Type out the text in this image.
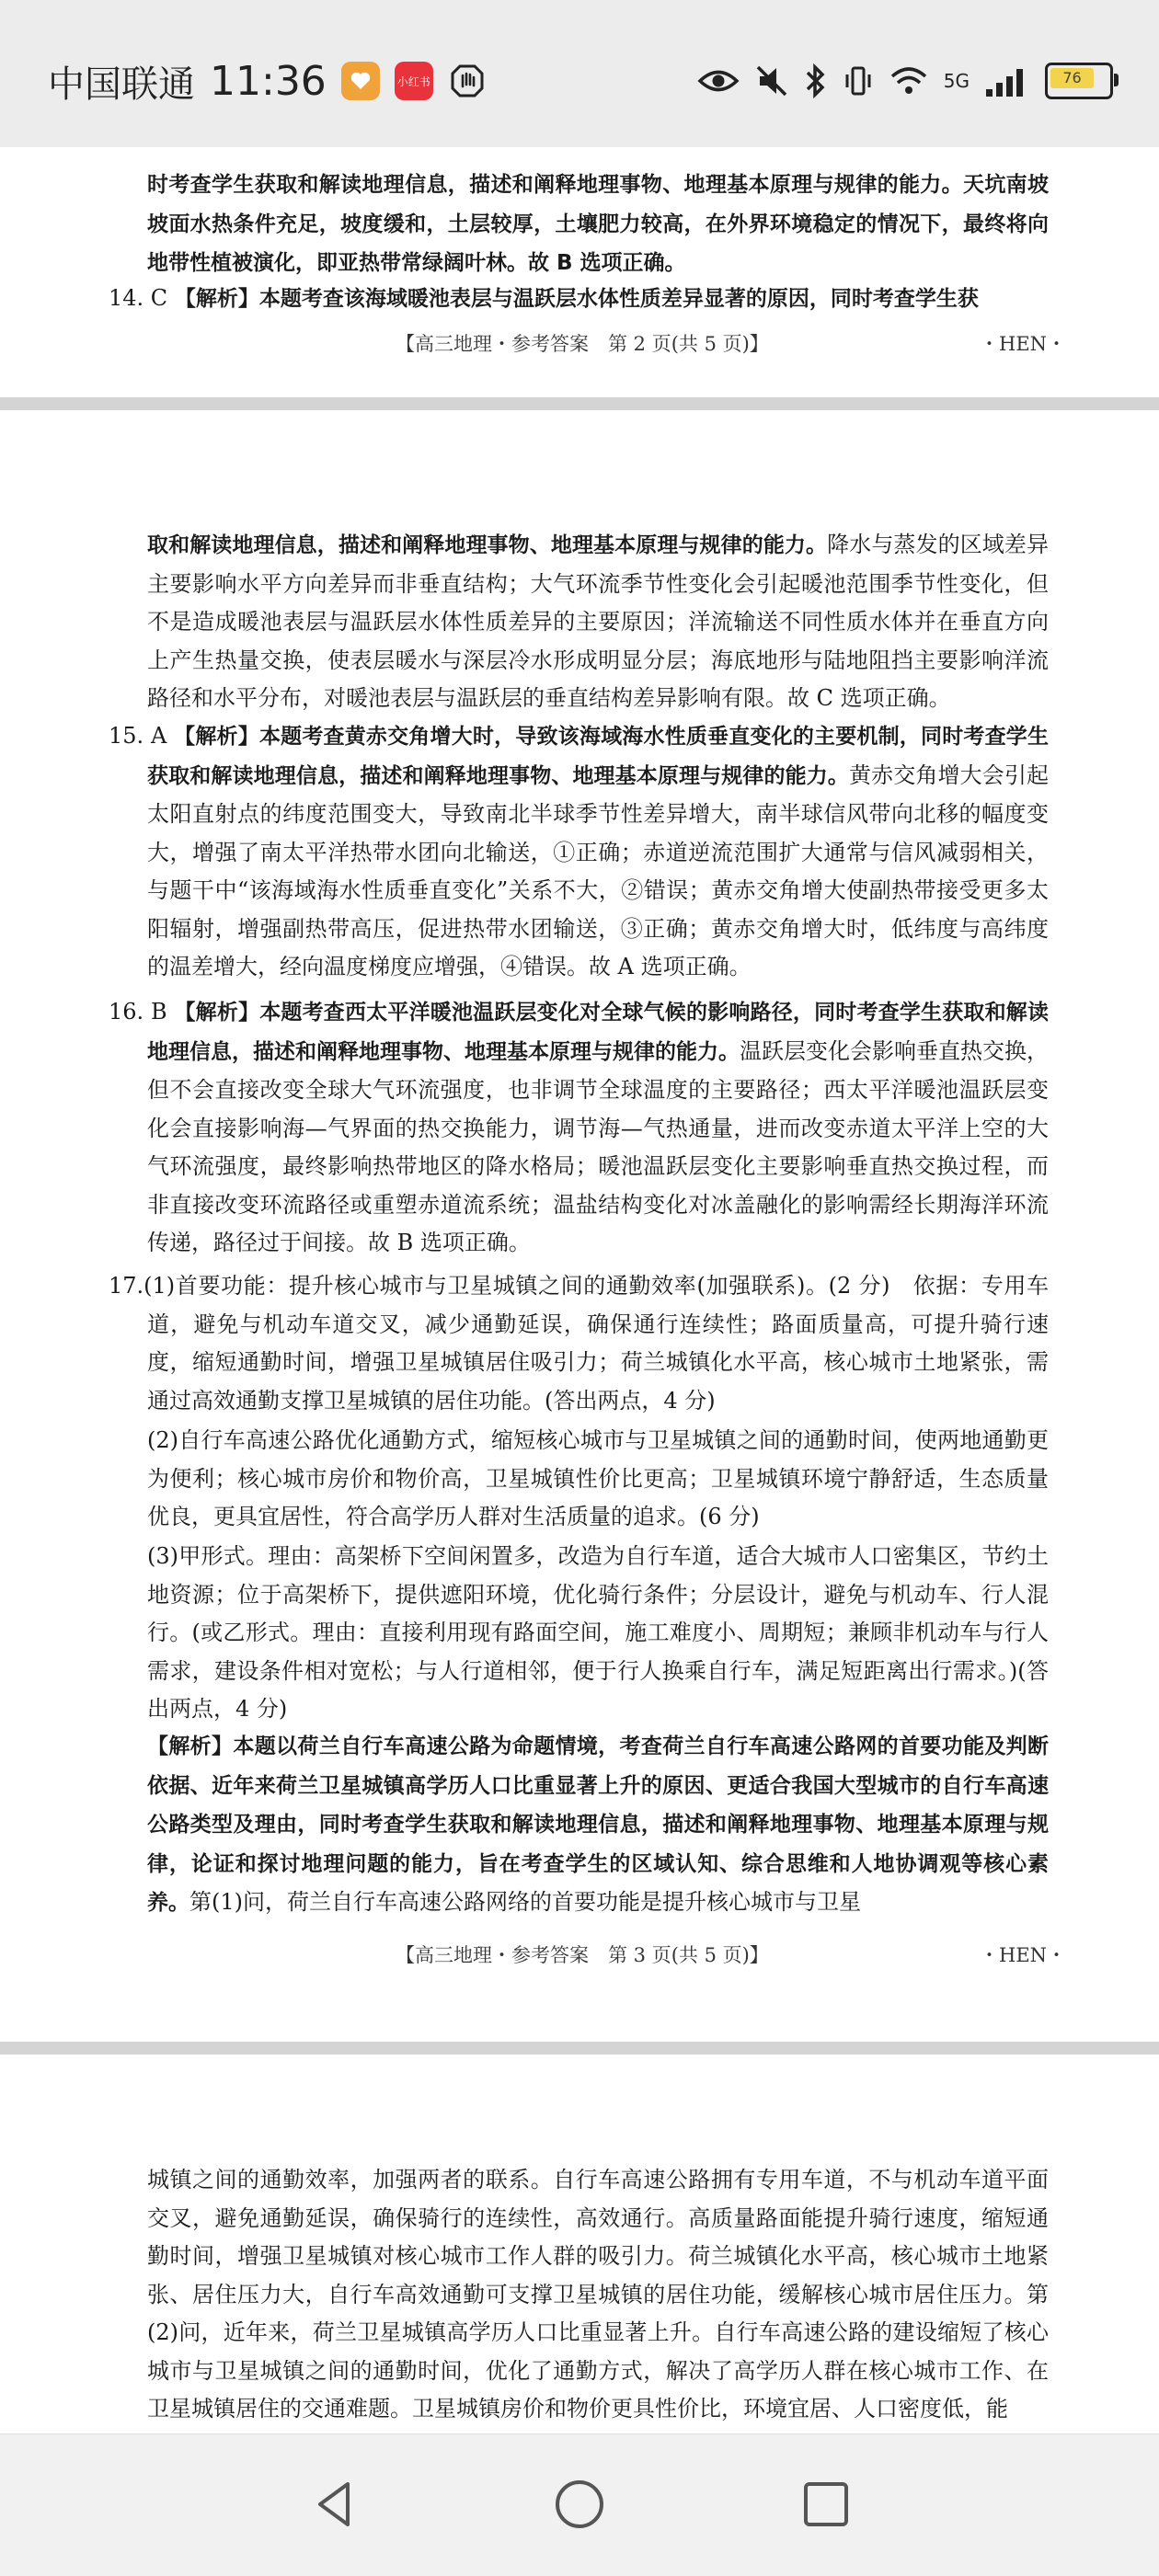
中国联通 11:36	小红书	5G	76

时考查学生获取和解读地理信息，描述和阐释地理事物、地理基本原理与规律的能力。天坑南坡坡面水热条件充足，坡度缓和，土层较厚，土壤肥力较高，在外界环境稳定的情况下，最终将向地带性植被演化，即亚热带常绿阔叶林。故 B 选项正确。

14. C 【解析】本题考查该海域暖池表层与温跃层水体性质差异显著的原因，同时考查学生获

【高三地理・参考答案　第 2 页(共 5 页)】	・HEN・

取和解读地理信息，描述和阐释地理事物、地理基本原理与规律的能力。降水与蒸发的区域差异主要影响水平方向差异而非垂直结构；大气环流季节性变化会引起暖池范围季节性变化，但不是造成暖池表层与温跃层水体性质差异的主要原因；洋流输送不同性质水体并在垂直方向上产生热量交换，使表层暖水与深层冷水形成明显分层；海底地形与陆地阻挡主要影响洋流路径和水平分布，对暖池表层与温跃层的垂直结构差异影响有限。故 C 选项正确。

15. A 【解析】本题考查黄赤交角增大时，导致该海域海水性质垂直变化的主要机制，同时考查学生获取和解读地理信息，描述和阐释地理事物、地理基本原理与规律的能力。黄赤交角增大会引起太阳直射点的纬度范围变大，导致南北半球季节性差异增大，南半球信风带向北移的幅度变大，增强了南太平洋热带水团向北输送，①正确；赤道逆流范围扩大通常与信风减弱相关，与题干中“该海域海水性质垂直变化”关系不大，②错误；黄赤交角增大使副热带接受更多太阳辐射，增强副热带高压，促进热带水团输送，③正确；黄赤交角增大时，低纬度与高纬度的温差增大，经向温度梯度应增强，④错误。故 A 选项正确。

16. B 【解析】本题考查西太平洋暖池温跃层变化对全球气候的影响路径，同时考查学生获取和解读地理信息，描述和阐释地理事物、地理基本原理与规律的能力。温跃层变化会影响垂直热交换，但不会直接改变全球大气环流强度，也非调节全球温度的主要路径；西太平洋暖池温跃层变化会直接影响海—气界面的热交换能力，调节海—气热通量，进而改变赤道太平洋上空的大气环流强度，最终影响热带地区的降水格局；暖池温跃层变化主要影响垂直热交换过程，而非直接改变环流路径或重塑赤道流系统；温盐结构变化对冰盖融化的影响需经长期海洋环流传递，路径过于间接。故 B 选项正确。

17.(1)首要功能：提升核心城市与卫星城镇之间的通勤效率(加强联系)。(2 分)　依据：专用车道，避免与机动车道交叉，减少通勤延误，确保通行连续性；路面质量高，可提升骑行速度，缩短通勤时间，增强卫星城镇居住吸引力；荷兰城镇化水平高，核心城市土地紧张，需通过高效通勤支撑卫星城镇的居住功能。(答出两点，4 分)

(2)自行车高速公路优化通勤方式，缩短核心城市与卫星城镇之间的通勤时间，使两地通勤更为便利；核心城市房价和物价高，卫星城镇性价比更高；卫星城镇环境宁静舒适，生态质量优良，更具宜居性，符合高学历人群对生活质量的追求。(6 分)

(3)甲形式。理由：高架桥下空间闲置多，改造为自行车道，适合大城市人口密集区，节约土地资源；位于高架桥下，提供遮阳环境，优化骑行条件；分层设计，避免与机动车、行人混行。(或乙形式。理由：直接利用现有路面空间，施工难度小、周期短；兼顾非机动车与行人需求，建设条件相对宽松；与人行道相邻，便于行人换乘自行车，满足短距离出行需求。)(答出两点，4 分)

【解析】本题以荷兰自行车高速公路为命题情境，考查荷兰自行车高速公路网的首要功能及判断依据、近年来荷兰卫星城镇高学历人口比重显著上升的原因、更适合我国大型城市的自行车高速公路类型及理由，同时考查学生获取和解读地理信息，描述和阐释地理事物、地理基本原理与规律，论证和探讨地理问题的能力，旨在考查学生的区域认知、综合思维和人地协调观等核心素养。第(1)问，荷兰自行车高速公路网络的首要功能是提升核心城市与卫星

【高三地理・参考答案　第 3 页(共 5 页)】	・HEN・

城镇之间的通勤效率，加强两者的联系。自行车高速公路拥有专用车道，不与机动车道平面交叉，避免通勤延误，确保骑行的连续性，高效通行。高质量路面能提升骑行速度，缩短通勤时间，增强卫星城镇对核心城市工作人群的吸引力。荷兰城镇化水平高，核心城市土地紧张、居住压力大，自行车高效通勤可支撑卫星城镇的居住功能，缓解核心城市居住压力。第(2)问，近年来，荷兰卫星城镇高学历人口比重显著上升。自行车高速公路的建设缩短了核心城市与卫星城镇之间的通勤时间，优化了通勤方式，解决了高学历人群在核心城市工作、在卫星城镇居住的交通难题。卫星城镇房价和物价更具性价比，环境宜居、人口密度低，能
